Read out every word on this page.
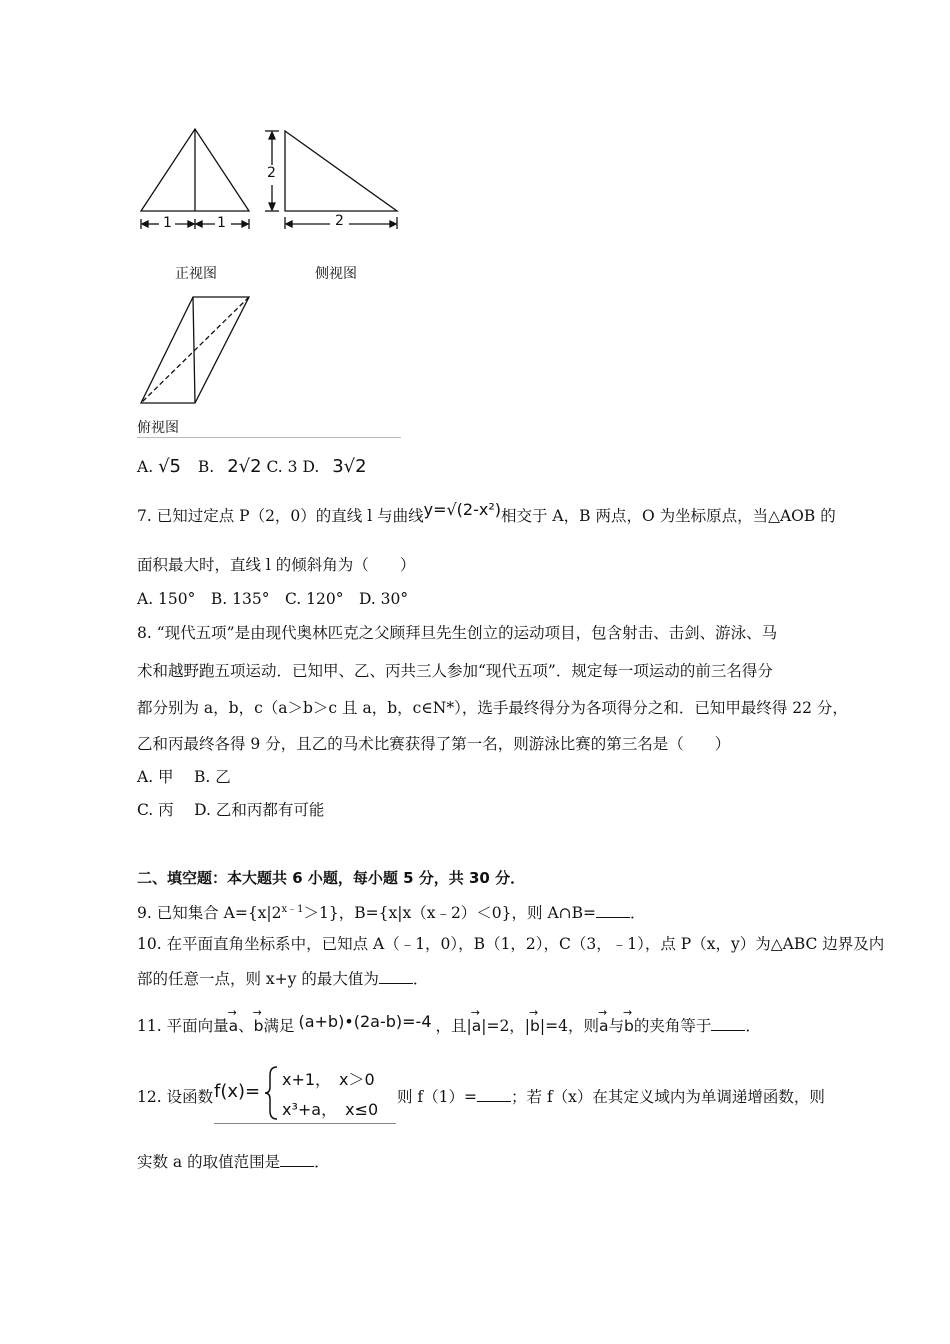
1	1
2
2
正视图	侧视图
俯视图
A. √5 B. 2√2 C. 3 D. 3√2
7. 已知过定点 P（2，0）的直线 l 与曲线y=√(2-x²)相交于 A，B 两点，O 为坐标原点，当△AOB 的
面积最大时，直线 l 的倾斜角为（　　）
A. 150°　B. 135°　C. 120°　D. 30°
8. “现代五项”是由现代奥林匹克之父顾拜旦先生创立的运动项目，包含射击、击剑、游泳、马
术和越野跑五项运动．已知甲、乙、丙共三人参加“现代五项”．规定每一项运动的前三名得分
都分别为 a，b，c（a＞b＞c 且 a，b，c∈N*），选手最终得分为各项得分之和．已知甲最终得 22 分，
乙和丙最终各得 9 分，且乙的马术比赛获得了第一名，则游泳比赛的第三名是（　　）
A. 甲　 B. 乙
C. 丙　 D. 乙和丙都有可能
二、填空题：本大题共 6 小题，每小题 5 分，共 30 分．
9. 已知集合 $A=\{x|2^{x﹣1}>1\}$，B={x|x（x﹣2）＜0}，则 A∩B= ．
10. 在平面直角坐标系中，已知点 A（﹣1，0），B（1，2），C（3，﹣1），点 P（x，y）为△ABC 边界及内
部的任意一点，则 x+y 的最大值为 ．
11. 平面向量→ a、→ b满足 (a+b)•(2a-b)=-4 ，且|→ a|=2，|→ b|=4，则→ a与→ b的夹角等于 ．
12. 设函数 f(x)=
x+1，　x＞0
x³+a，　x≤0
则 f（1）= ；若 f（x）在其定义域内为单调递增函数，则
实数 a 的取值范围是 ．
